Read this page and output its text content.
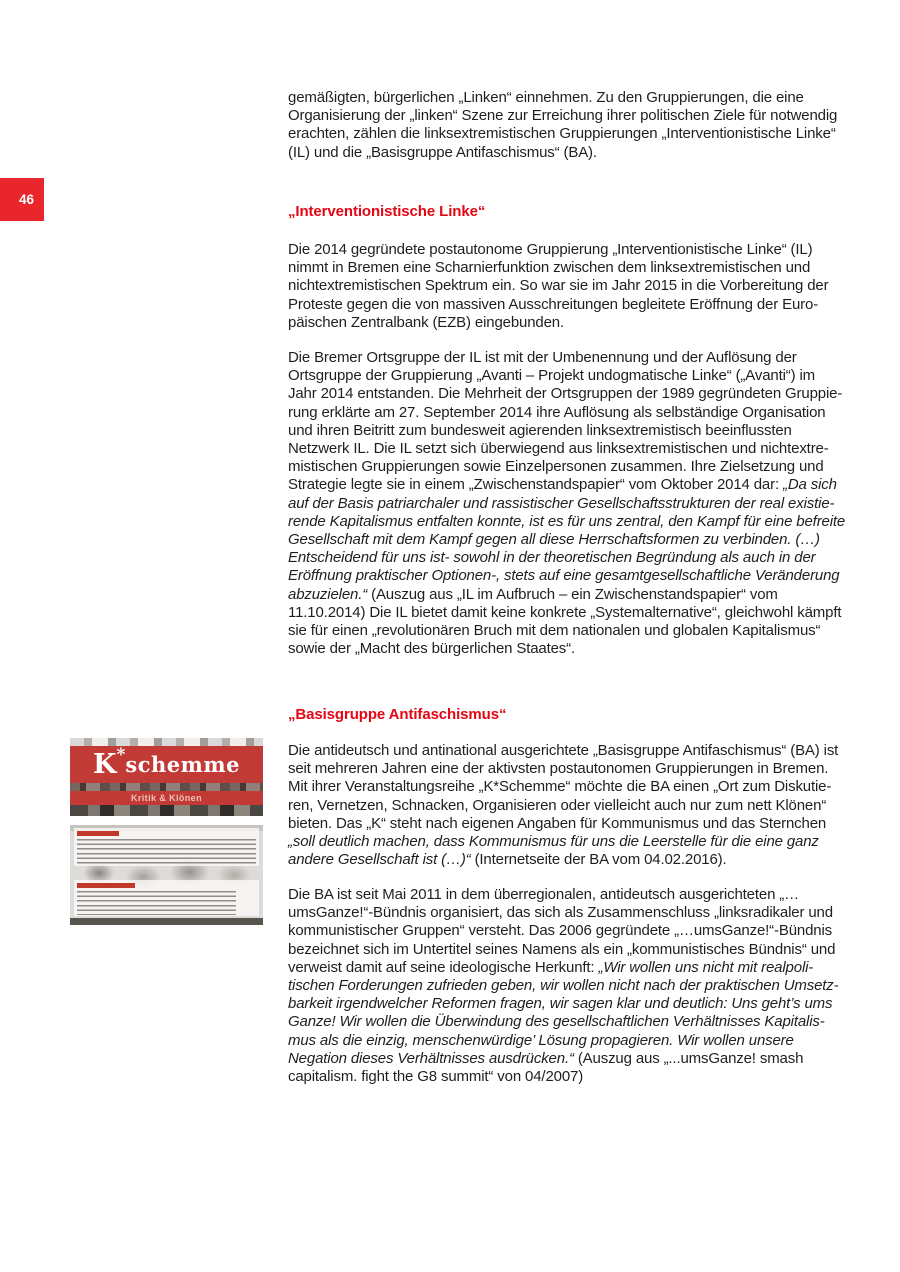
46

gemäßigten, bürgerlichen „Linken“ einnehmen. Zu den Gruppierungen, die eine
Organisierung der „linken“ Szene zur Erreichung ihrer politischen Ziele für notwendig
erachten, zählen die linksextremistischen Gruppierungen „Interventionistische Linke“
(IL) und die „Basisgruppe Antifaschismus“ (BA).

„Interventionistische Linke“

Die 2014 gegründete postautonome Gruppierung „Interventionistische Linke“ (IL)
nimmt in Bremen eine Scharnierfunktion zwischen dem linksextremistischen und
nichtextremistischen Spektrum ein. So war sie im Jahr 2015 in die Vorbereitung der
Proteste gegen die von massiven Ausschreitungen begleitete Eröffnung der Euro-
päischen Zentralbank (EZB) eingebunden.

Die Bremer Ortsgruppe der IL ist mit der Umbenennung und der Auflösung der
Ortsgruppe der Gruppierung „Avanti – Projekt undogmatische Linke“ („Avanti“) im
Jahr 2014 entstanden. Die Mehrheit der Ortsgruppen der 1989 gegründeten Gruppie-
rung erklärte am 27. September 2014 ihre Auflösung als selbständige Organisation
und ihren Beitritt zum bundesweit agierenden linksextremistisch beeinflussten
Netzwerk IL. Die IL setzt sich überwiegend aus linksextremistischen und nichtextre-
mistischen Gruppierungen sowie Einzelpersonen zusammen. Ihre Zielsetzung und
Strategie legte sie in einem „Zwischenstandspapier“ vom Oktober 2014 dar: „Da sich
auf der Basis patriarchaler und rassistischer Gesellschaftsstrukturen der real existie-
rende Kapitalismus entfalten konnte, ist es für uns zentral, den Kampf für eine befreite
Gesellschaft mit dem Kampf gegen all diese Herrschaftsformen zu verbinden. (…)
Entscheidend für uns ist- sowohl in der theoretischen Begründung als auch in der
Eröffnung praktischer Optionen-, stets auf eine gesamtgesellschaftliche Veränderung
abzuzielen.“ (Auszug aus „IL im Aufbruch – ein Zwischenstandspapier“ vom
11.10.2014) Die IL bietet damit keine konkrete „Systemalternative“, gleichwohl kämpft
sie für einen „revolutionären Bruch mit dem nationalen und globalen Kapitalismus“
sowie der „Macht des bürgerlichen Staates“.

„Basisgruppe Antifaschismus“

Die antideutsch und antinational ausgerichtete „Basisgruppe Antifaschismus“ (BA) ist
seit mehreren Jahren eine der aktivsten postautonomen Gruppierungen in Bremen.
Mit ihrer Veranstaltungsreihe „K*Schemme“ möchte die BA einen „Ort zum Diskutie-
ren, Vernetzen, Schnacken, Organisieren oder vielleicht auch nur zum nett Klönen“
bieten. Das „K“ steht nach eigenen Angaben für Kommunismus und das Sternchen
„soll deutlich machen, dass Kommunismus für uns die Leerstelle für die eine ganz
andere Gesellschaft ist (…)“ (Internetseite der BA vom 04.02.2016).

Die BA ist seit Mai 2011 in dem überregionalen, antideutsch ausgerichteten „…
umsGanze!“-Bündnis organisiert, das sich als Zusammenschluss „linksradikaler und
kommunistischer Gruppen“ versteht. Das 2006 gegründete „…umsGanze!“-Bündnis
bezeichnet sich im Untertitel seines Namens als ein „kommunistisches Bündnis“ und
verweist damit auf seine ideologische Herkunft: „Wir wollen uns nicht mit realpoli-
tischen Forderungen zufrieden geben, wir wollen nicht nach der praktischen Umsetz-
barkeit irgendwelcher Reformen fragen, wir sagen klar und deutlich: Uns geht’s ums
Ganze! Wir wollen die Überwindung des gesellschaftlichen Verhältnisses Kapitalis-
mus als die einzig, menschenwürdige’ Lösung propagieren. Wir wollen unsere
Negation dieses Verhältnisses ausdrücken.“ (Auszug aus „...umsGanze! smash
capitalism. fight the G8 summit“ von 04/2007)

K * schemme
Kritik & Klönen
